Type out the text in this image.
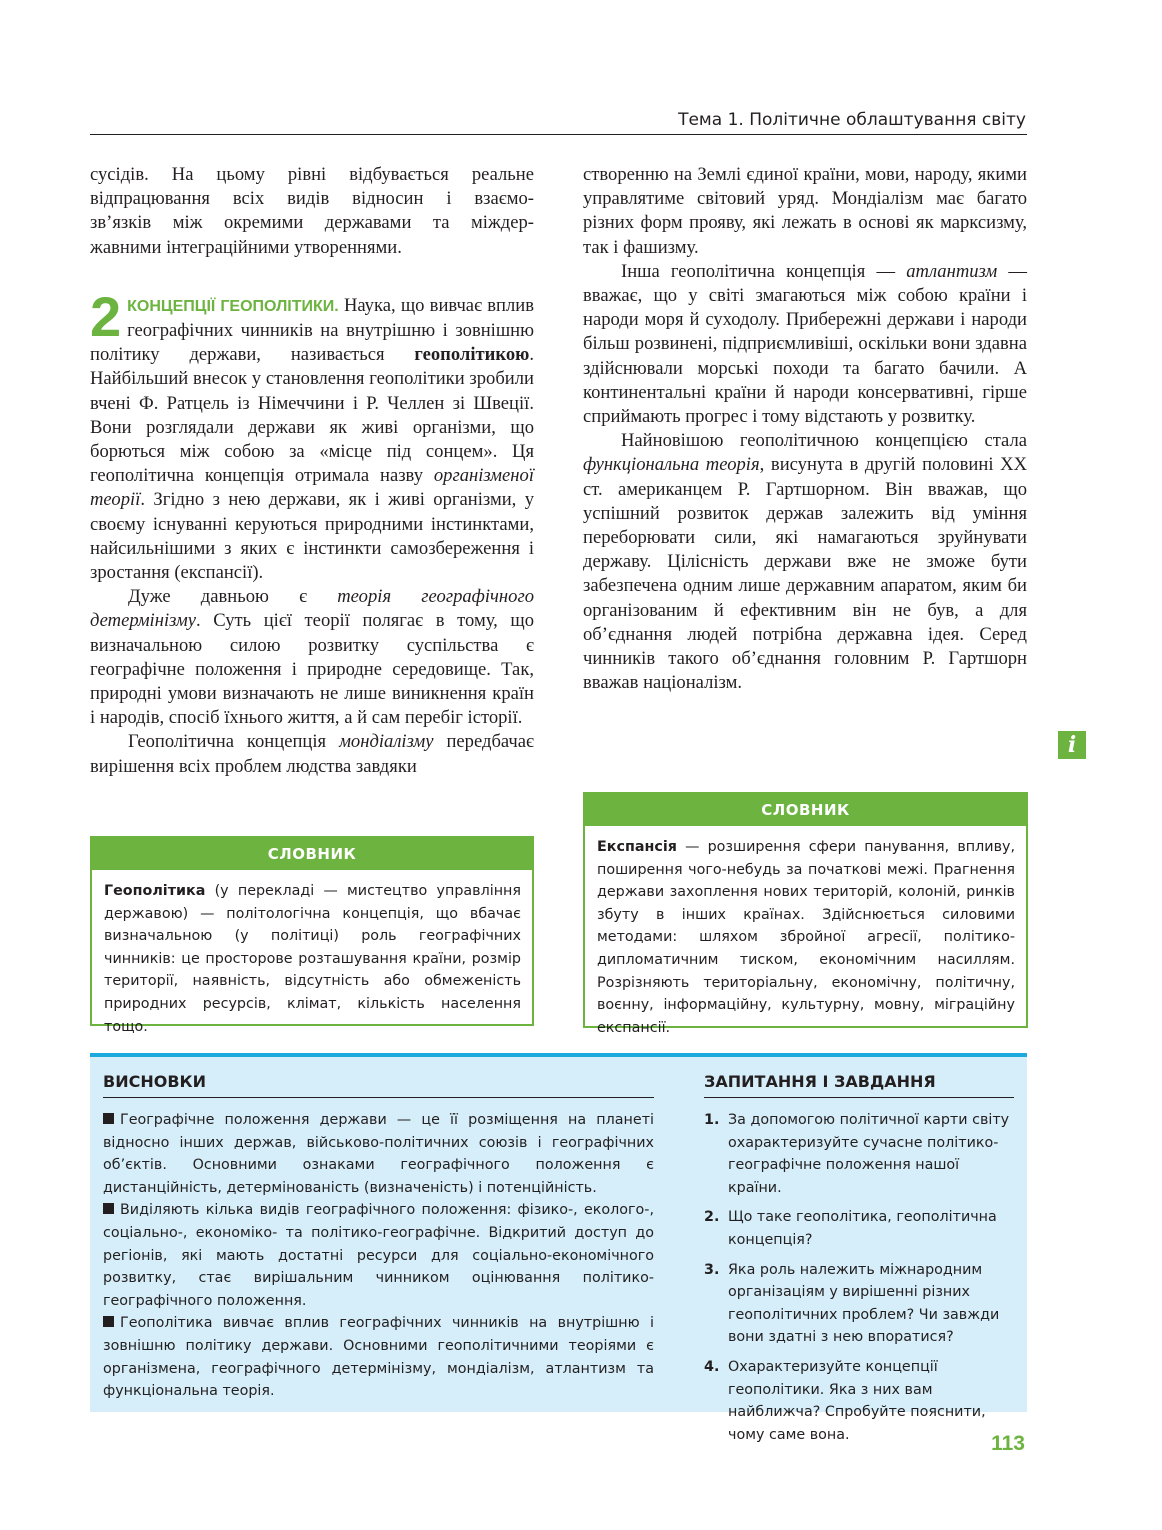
Тема 1. Політичне облаштування світу

сусідів. На цьому рівні відбувається реальне

відпрацювання всіх видів відносин і взаємо-

зв’язків між окремими державами та міждер-

жавними інтеграційними утвореннями.

2 КОНЦЕПЦІЇ ГЕОПОЛІТИКИ. Наука, що вивчає вплив географічних чинників на внутрішню і зовнішню політику держави, називається геополітикою. Найбільший внесок у становлення геополітики зробили вчені Ф. Ратцель із Німеччини і Р. Челлен зі Швеції. Вони розглядали держави як живі організми, що борються між собою за «місце під сонцем». Ця геополітична концепція отримала назву організменої теорії. Згідно з нею держави, як і живі організми, у своєму існуванні керуються природними інстинктами, найсильнішими з яких є інстинкти самозбереження і зростання (експансії).

Дуже давньою є теорія географічного детермінізму. Суть цієї теорії полягає в тому, що визначальною силою розвитку суспільства є географічне положення і природне середовище. Так, природні умови визначають не лише виникнення країн і народів, спосіб їхнього життя, а й сам перебіг історії.

Геополітична концепція мондіалізму передбачає вирішення всіх проблем людства завдяки

створенню на Землі єдиної країни, мови, народу, якими управлятиме світовий уряд. Мондіалізм має багато різних форм прояву, які лежать в основі як марксизму, так і фашизму.

Інша геополітична концепція — атлантизм — вважає, що у світі змагаються між собою країни і народи моря й суходолу. Прибережні держави і народи більш розвинені, підприємливіші, оскільки вони здавна здійснювали морські походи та багато бачили. А континентальні країни й народи консервативні, гірше сприймають прогрес і тому відстають у розвитку.

Найновішою геополітичною концепцією стала функціональна теорія, висунута в другій половині XX ст. американцем Р. Гартшорном. Він вважав, що успішний розвиток держав залежить від уміння переборювати сили, які намагаються зруйнувати державу. Цілісність держави вже не зможе бути забезпечена одним лише державним апаратом, яким би організованим й ефективним він не був, а для об’єднання людей потрібна державна ідея. Серед чинників такого об’єднання головним Р. Гартшорн вважав націоналізм.

i
СЛОВНИК
Експансія — розширення сфери панування, впливу, поширення чого-небудь за початкові межі. Прагнення держави захоплення нових територій, колоній, ринків збуту в інших країнах. Здійснюється силовими методами: шляхом збройної агресії, політико-дипломатичним тиском, економічним насиллям. Розрізняють територіальну, економічну, політичну, воєнну, інформаційну, культурну, мовну, міграційну експансії.
СЛОВНИК
Геополітика (у перекладі — мистецтво управління державою) — політологічна концепція, що вбачає визначальною (у політиці) роль географічних чинників: це просторове розташування країни, розмір території, наявність, відсутність або обмеженість природних ресурсів, клімат, кількість населення тощо.
ВИСНОВКИ	ЗАПИТАННЯ І ЗАВДАННЯ

Географічне положення держави — це її розміщення на планеті відносно інших держав, військово-політичних союзів і географічних об’єктів. Основними ознаками географічного положення є дистанційність, детермінованість (визначеність) і потенційність.

Виділяють кілька видів географічного положення: фізико-, еколого-, соціально-, економіко- та політико-географічне. Відкритий доступ до регіонів, які мають достатні ресурси для соціально-економічного розвитку, стає вирішальним чинником оцінювання політико-географічного положення.

Геополітика вивчає вплив географічних чинників на внутрішню і зовнішню політику держави. Основними геополітичними теоріями є організмена, географічного детермінізму, мондіалізм, атлантизм та функціональна теорія.

1. За допомогою політичної карти світу охарактеризуйте сучасне політико-географічне положення нашої країни.
2. Що таке геополітика, геополітична концепція?
3. Яка роль належить міжнародним організаціям у вирішенні різних геополітичних проблем? Чи завжди вони здатні з нею впоратися?
4. Охарактеризуйте концепції геополітики. Яка з них вам найближча? Спробуйте пояснити, чому саме вона.	113
